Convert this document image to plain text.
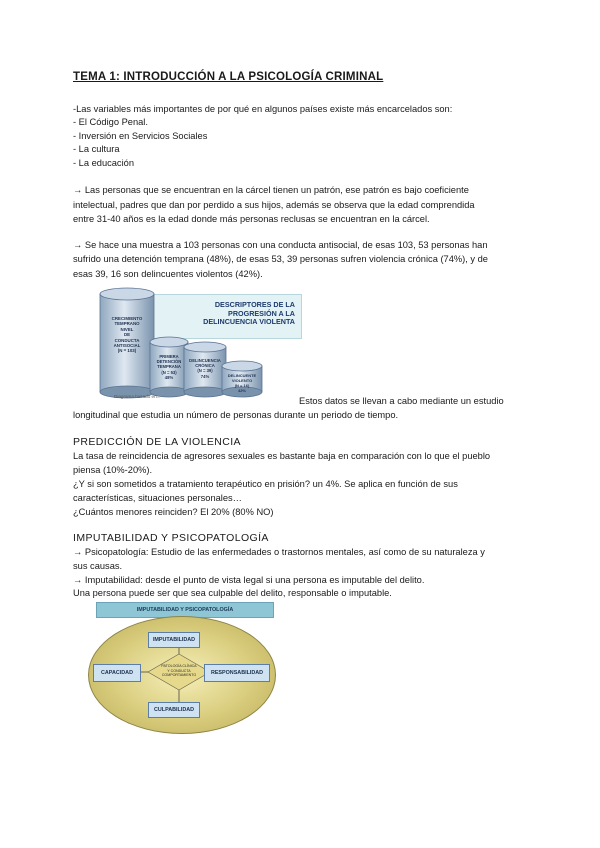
TEMA 1: INTRODUCCIÓN A LA PSICOLOGÍA CRIMINAL
-Las variables más importantes de por qué en algunos países existe más encarcelados son:
- El Código Penal.
- Inversión en Servicios Sociales
- La cultura
- La educación
→ Las personas que se encuentran en la cárcel tienen un patrón, ese patrón es bajo coeficiente
intelectual, padres que dan por perdido a sus hijos, además se observa que la edad comprendida
entre 31-40 años es la edad donde más personas reclusas se encuentran en la cárcel.
→ Se hace una muestra a 103 personas con una conducta antisocial, de esas 103, 53 personas han
sufrido una detención temprana (48%), de esas 53, 39 personas sufren violencia crónica (74%), y de
esas 39, 16 son delincuentes violentos (42%).
DESCRIPTORES DE LA
PROGRESIÓN A LA
DELINCUENCIA VIOLENTA
CRECIMIENTO
TEMPRANO
NIVEL
DE
CONDUCTA
ANTISOCIAL
(N = 103)
PRIMERA
DETENCIÓN
TEMPRANA
(N = 53)
48%
DELINCUENCIA
CRÓNICA
(N = 39)
74%	DELINCUENTE
VIOLENTO
(N = 16)
42%
Diagrama basado en...	Estos datos se llevan a cabo mediante un estudio
longitudinal que estudia un número de personas durante un periodo de tiempo.
PREDICCIÓN DE LA VIOLENCIA
La tasa de reincidencia de agresores sexuales es bastante baja en comparación con lo que el pueblo
piensa (10%-20%).
¿Y si son sometidos a tratamiento terapéutico en prisión? un 4%. Se aplica en función de sus
características, situaciones personales…
¿Cuántos menores reinciden? El 20% (80% NO)
IMPUTABILIDAD Y PSICOPATOLOGÍA
→ Psicopatología: Estudio de las enfermedades o trastornos mentales, así como de su naturaleza y
sus causas.
→ Imputabilidad: desde el punto de vista legal si una persona es imputable del delito.
Una persona puede ser que sea culpable del delito, responsable o imputable.
IMPUTABILIDAD Y PSICOPATOLOGÍA
IMPUTABILIDAD
CAPACIDAD	RESPONSABILIDAD
CULPABILIDAD
PATOLOGÍA CLÍNICA
Y CONDUCTA
COMPORTAMIENTO
